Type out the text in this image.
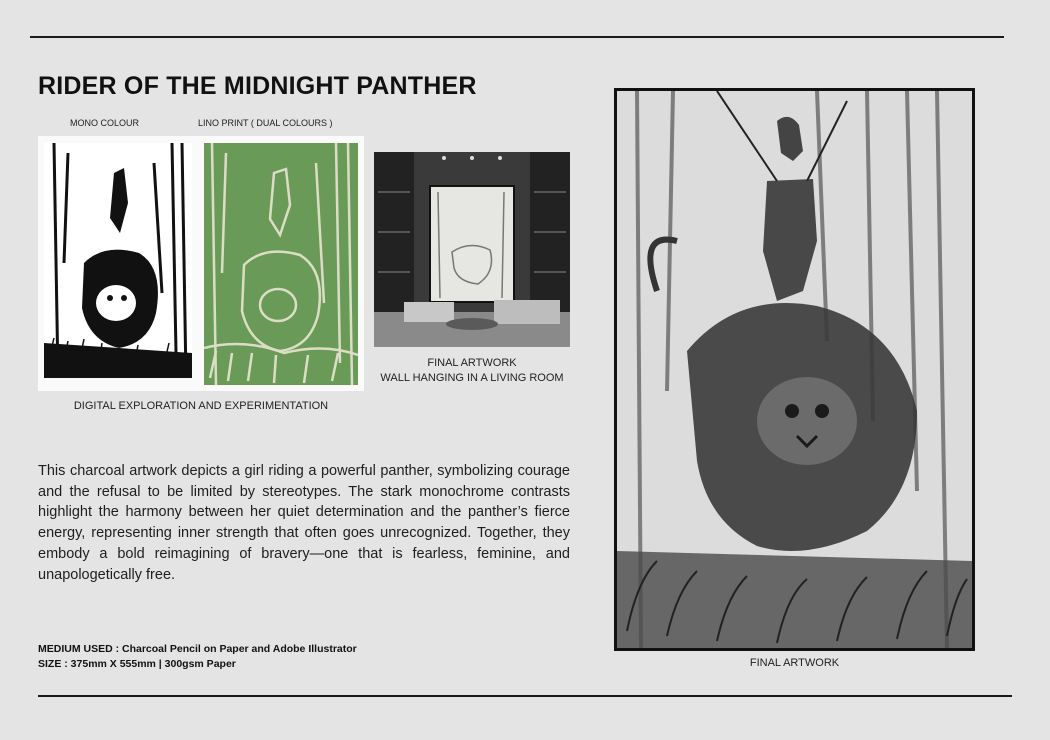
RIDER OF THE MIDNIGHT PANTHER
MONO COLOUR	LINO PRINT ( DUAL COLOURS )
DIGITAL EXPLORATION AND EXPERIMENTATION
FINAL ARTWORK
WALL HANGING IN A LIVING ROOM

This charcoal artwork depicts a girl riding a powerful panther, symbolizing courage and the refusal to be limited by stereotypes. The stark monochrome contrasts highlight the harmony between her quiet determination and the panther’s fierce energy, representing inner strength that often goes unrecognized. Together, they embody a bold reimagining of bravery—one that is fearless, feminine, and unapologetically free.

MEDIUM USED : Charcoal Pencil on Paper and Adobe Illustrator
SIZE : 375mm X 555mm | 300gsm Paper	FINAL ARTWORK
